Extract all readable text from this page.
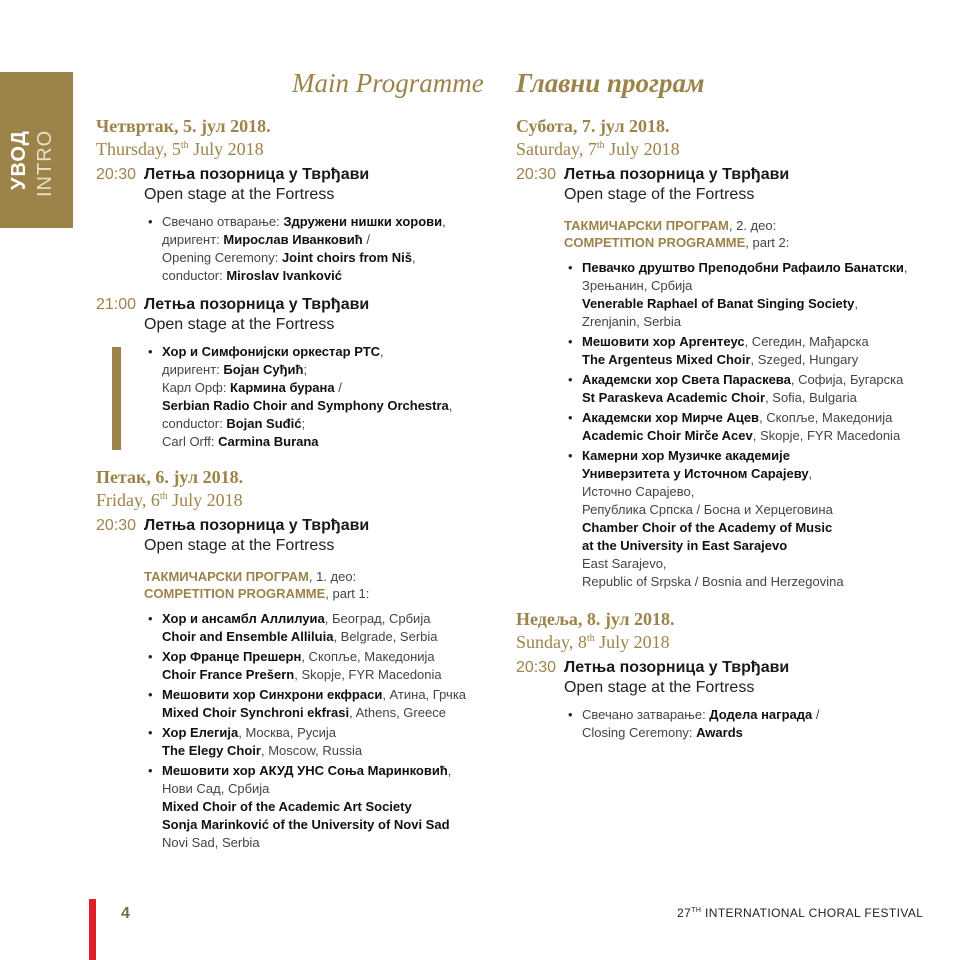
УВОД INTRO
Main Programme Главни програм
Четвртак, 5. јул 2018.
Thursday, 5th July 2018
20:30 Летња позорница у Тврђави
Open stage at the Fortress
• Свечано отварање: Здружени нишки хорови,
диригент: Мирослав Иванковић /
Opening Ceremony: Joint choirs from Niš,
conductor: Miroslav Ivanković
21:00 Летња позорница у Тврђави
Open stage at the Fortress
• Хор и Симфонијски оркестар РТС,
диригент: Бојан Суђић;
Карл Орф: Кармина бурана /
Serbian Radio Choir and Symphony Orchestra,
conductor: Bojan Suđić;
Carl Orff: Carmina Burana
Петак, 6. јул 2018.
Friday, 6th July 2018
20:30 Летња позорница у Тврђави
Open stage at the Fortress
ТАКМИЧАРСКИ ПРОГРАМ, 1. део:
COMPETITION PROGRAMME, part 1:
• Хор и ансамбл Аллилуиа, Београд, Србија
Choir and Ensemble Alliluia, Belgrade, Serbia
• Хор Франце Прешерн, Скопље, Македонија
Choir France Prešern, Skopje, FYR Macedonia
• Мешовити хор Синхрони екфраси, Атина, Грчка
Mixed Choir Synchroni ekfrasi, Athens, Greece
• Хор Елегија, Москва, Русија
The Elegy Choir, Moscow, Russia
• Мешовити хор АКУД УНС Соња Маринковић,
Нови Сад, Србија
Mixed Choir of the Academic Art Society
Sonja Marinković of the University of Novi Sad
Novi Sad, Serbia
Субота, 7. јул 2018.
Saturday, 7th July 2018
20:30 Летња позорница у Тврђави
Open stage of the Fortress
ТАКМИЧАРСКИ ПРОГРАМ, 2. део:
COMPETITION PROGRAMME, part 2:
• Певачко друштво Преподобни Рафаило Банатски,
Зрењанин, Србија
Venerable Raphael of Banat Singing Society,
Zrenjanin, Serbia
• Мешовити хор Аргентеус, Сегедин, Мађарска
The Argenteus Mixed Choir, Szeged, Hungary
• Академски хор Света Параскева, Софија, Бугарска
St Paraskeva Academic Choir, Sofia, Bulgaria
• Академски хор Мирче Ацев, Скопље, Македонија
Academic Choir Mirče Acev, Skopje, FYR Macedonia
• Камерни хор Музичке академије
Универзитета у Источном Сарајеву,
Источно Сарајево,
Република Српска / Босна и Херцеговина
Chamber Choir of the Academy of Music
at the University in East Sarajevo
East Sarajevo,
Republic of Srpska / Bosnia and Herzegovina
Недеља, 8. јул 2018.
Sunday, 8th July 2018
20:30 Летња позорница у Тврђави
Open stage at the Fortress
• Свечано затварање: Додела награда /
Closing Ceremony: Awards
4	27TH INTERNATIONAL CHORAL FESTIVAL
